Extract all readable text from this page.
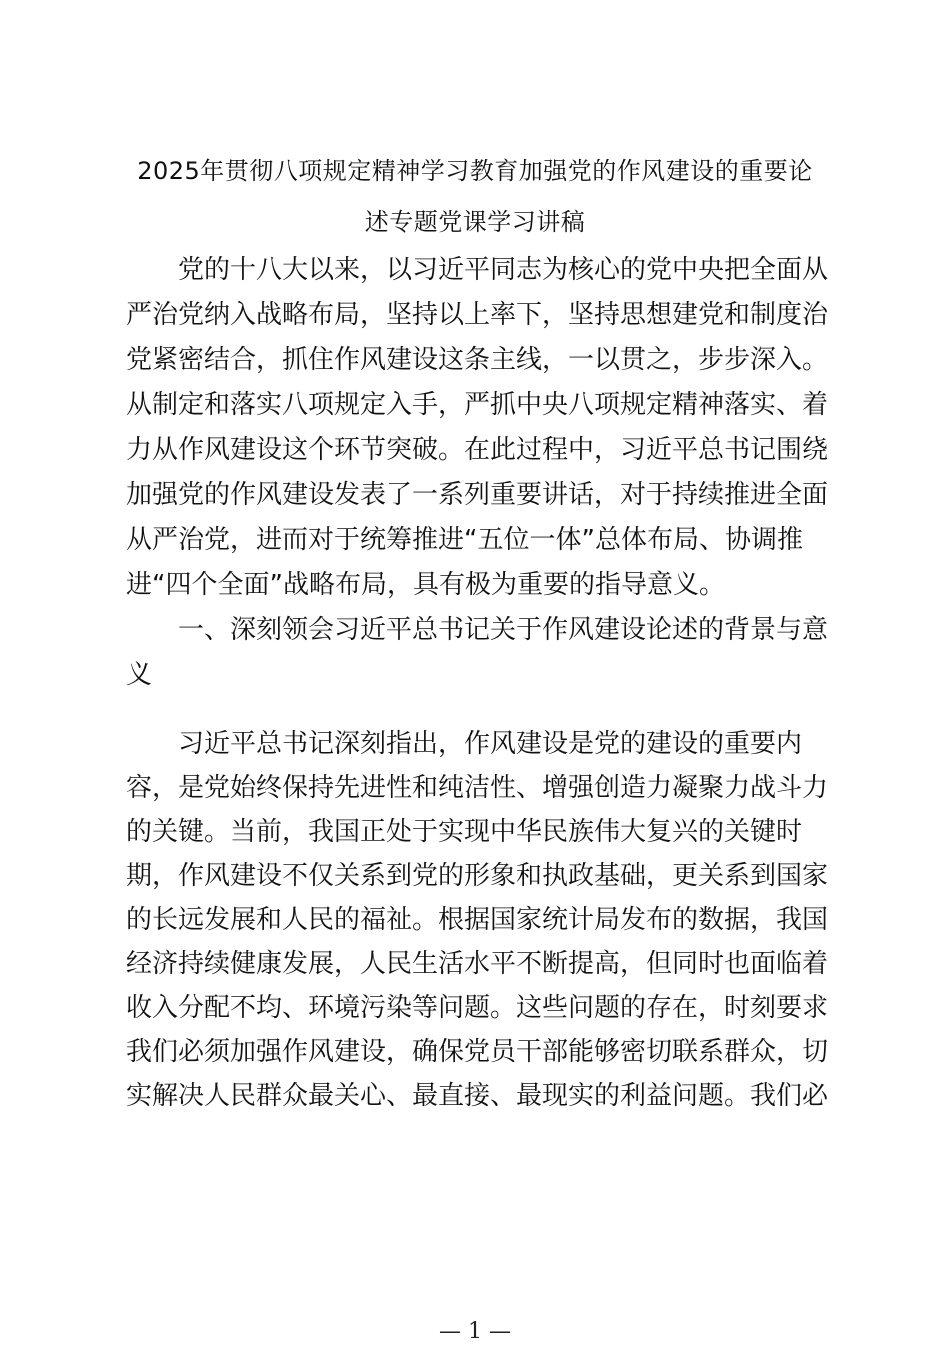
2025年贯彻八项规定精神学习教育加强党的作风建设的重要论
述专题党课学习讲稿
　　党的十八大以来，以习近平同志为核心的党中央把全面从
严治党纳入战略布局，坚持以上率下，坚持思想建党和制度治
党紧密结合，抓住作风建设这条主线，一以贯之，步步深入。
从制定和落实八项规定入手，严抓中央八项规定精神落实、着
力从作风建设这个环节突破。在此过程中，习近平总书记围绕
加强党的作风建设发表了一系列重要讲话，对于持续推进全面
从严治党，进而对于统筹推进“五位一体”总体布局、协调推
进“四个全面”战略布局，具有极为重要的指导意义。
　　一、深刻领会习近平总书记关于作风建设论述的背景与意
义
　　习近平总书记深刻指出，作风建设是党的建设的重要内
容，是党始终保持先进性和纯洁性、增强创造力凝聚力战斗力
的关键。当前，我国正处于实现中华民族伟大复兴的关键时
期，作风建设不仅关系到党的形象和执政基础，更关系到国家
的长远发展和人民的福祉。根据国家统计局发布的数据，我国
经济持续健康发展，人民生活水平不断提高，但同时也面临着
收入分配不均、环境污染等问题。这些问题的存在，时刻要求
我们必须加强作风建设，确保党员干部能够密切联系群众，切
实解决人民群众最关心、最直接、最现实的利益问题。我们必
— 1 —
